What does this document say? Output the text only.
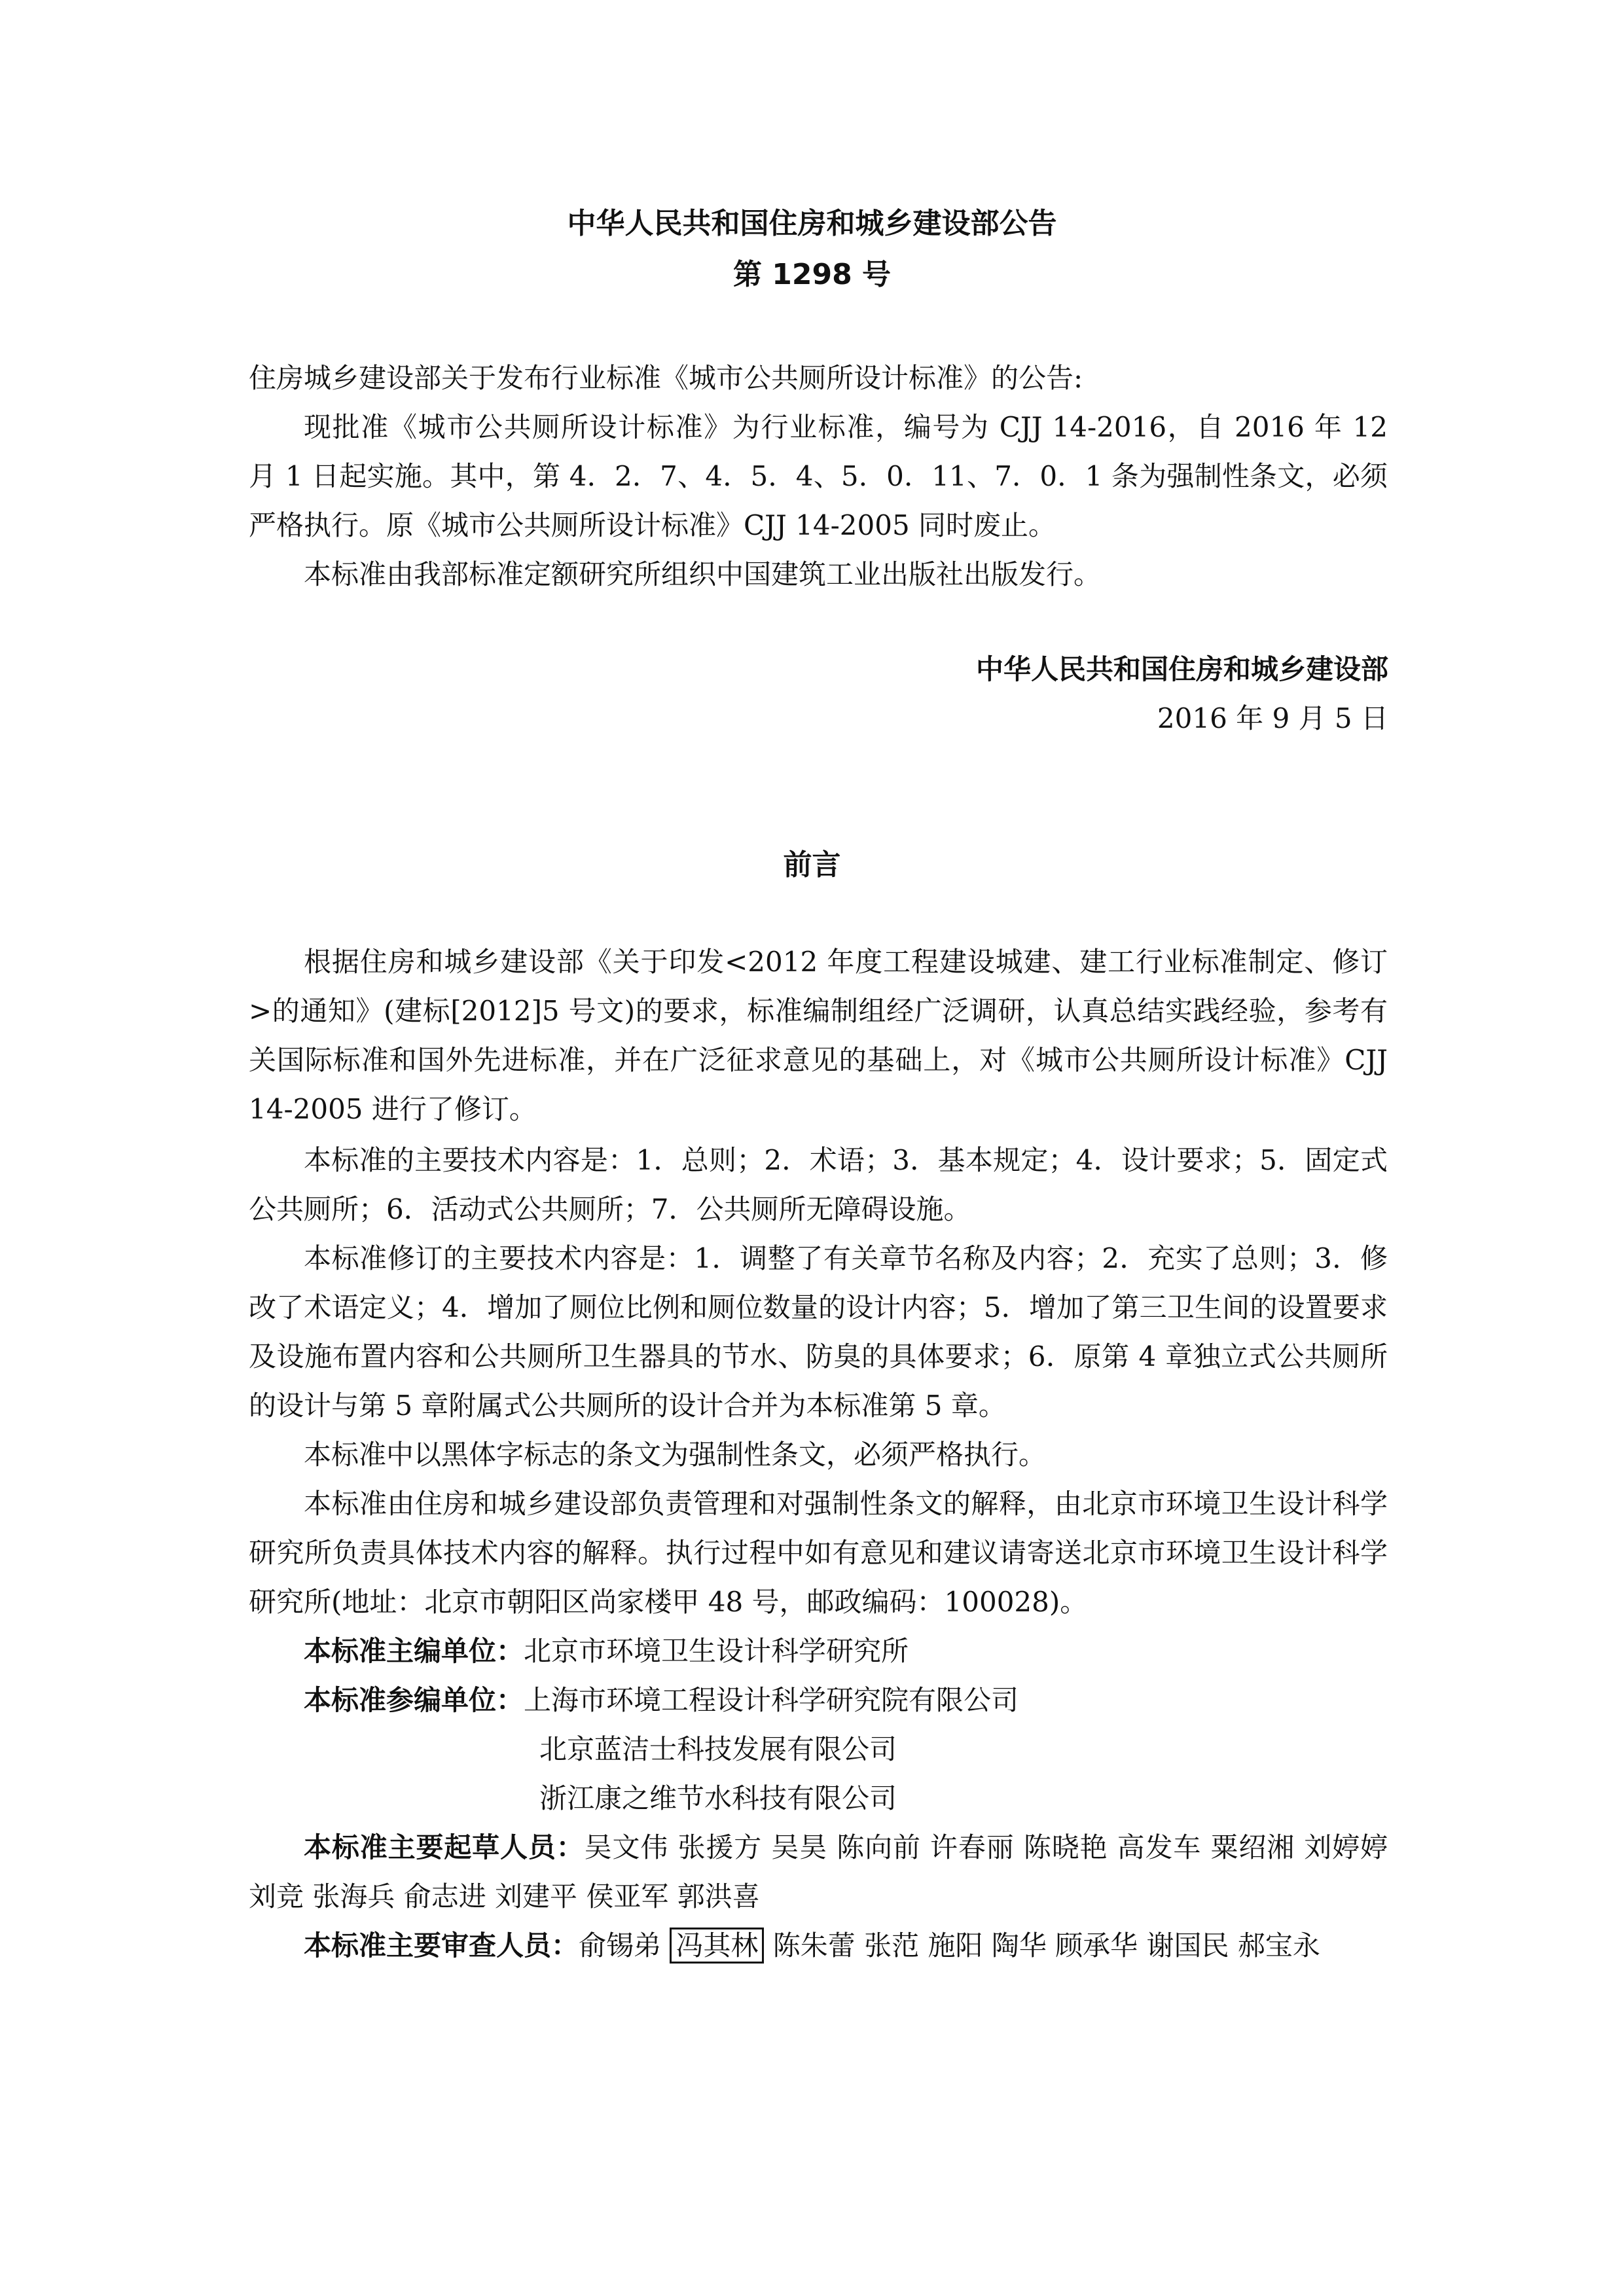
中华人民共和国住房和城乡建设部公告
第 1298 号
住房城乡建设部关于发布行业标准《城市公共厕所设计标准》的公告:
现批准《城市公共厕所设计标准》为行业标准，编号为 CJJ 14-2016，自 2016 年 12 月 1 日起实施。其中，第 4．2．7、4．5．4、5．0．11、7．0．1 条为强制性条文，必须严格执行。原《城市公共厕所设计标准》CJJ 14-2005 同时废止。
本标准由我部标准定额研究所组织中国建筑工业出版社出版发行。
中华人民共和国住房和城乡建设部
2016 年 9 月 5 日
前言
根据住房和城乡建设部《关于印发<2012 年度工程建设城建、建工行业标准制定、修订>的通知》(建标[2012]5 号文)的要求，标准编制组经广泛调研，认真总结实践经验，参考有关国际标准和国外先进标准，并在广泛征求意见的基础上，对《城市公共厕所设计标准》CJJ 14-2005 进行了修订。
本标准的主要技术内容是：1．总则；2．术语；3．基本规定；4．设计要求；5．固定式公共厕所；6．活动式公共厕所；7．公共厕所无障碍设施。
本标准修订的主要技术内容是：1．调整了有关章节名称及内容；2．充实了总则；3．修改了术语定义；4．增加了厕位比例和厕位数量的设计内容；5．增加了第三卫生间的设置要求及设施布置内容和公共厕所卫生器具的节水、防臭的具体要求；6．原第 4 章独立式公共厕所的设计与第 5 章附属式公共厕所的设计合并为本标准第 5 章。
本标准中以黑体字标志的条文为强制性条文，必须严格执行。
本标准由住房和城乡建设部负责管理和对强制性条文的解释，由北京市环境卫生设计科学研究所负责具体技术内容的解释。执行过程中如有意见和建议请寄送北京市环境卫生设计科学研究所(地址：北京市朝阳区尚家楼甲 48 号，邮政编码：100028)。
本标准主编单位：北京市环境卫生设计科学研究所
本标准参编单位：上海市环境工程设计科学研究院有限公司
北京蓝洁士科技发展有限公司
浙江康之维节水科技有限公司
本标准主要起草人员：吴文伟 张援方 吴昊 陈向前 许春丽 陈晓艳 高发车 粟绍湘 刘婷婷 刘竞 张海兵 俞志进 刘建平 侯亚军 郭洪喜
本标准主要审查人员：俞锡弟 冯其林 陈朱蕾 张范 施阳 陶华 顾承华 谢国民 郝宝永
